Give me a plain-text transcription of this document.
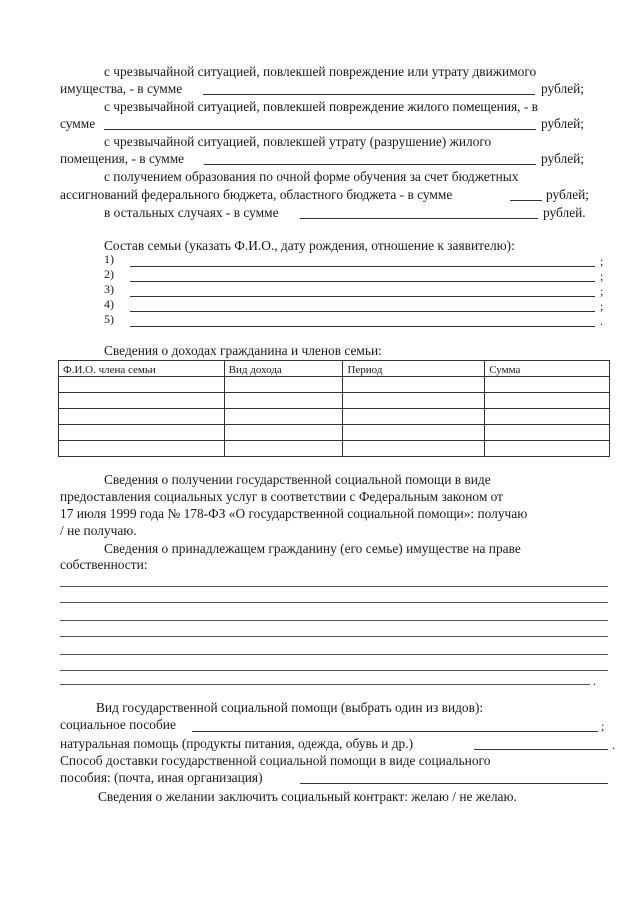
с чрезвычайной ситуацией, повлекшей повреждение или утрату движимого
имущества, - в сумме	рублей;
с чрезвычайной ситуацией, повлекшей повреждение жилого помещения, - в
сумме	рублей;
с чрезвычайной ситуацией, повлекшей утрату (разрушение) жилого
помещения, - в сумме	рублей;
с получением образования по очной форме обучения за счет бюджетных
ассигнований федерального бюджета, областного бюджета - в сумме	рублей;
в остальных случаях - в сумме	рублей.
Состав семьи (указать Ф.И.О., дату рождения, отношение к заявителю):
1)	;
2)	;
3)	;
4)	;
5)	.
Сведения о доходах гражданина и членов семьи:
Ф.И.О. члена семьи	Вид дохода	Период	Сумма

Сведения о получении государственной социальной помощи в виде
предоставления социальных услуг в соответствии с Федеральным законом от
17 июля 1999 года № 178-ФЗ «О государственной социальной помощи»: получаю
/ не получаю.
Сведения о принадлежащем гражданину (его семье) имуществе на праве
собственности:
.
Вид государственной социальной помощи (выбрать один из видов):
социальное пособие	;
натуральная помощь (продукты питания, одежда, обувь и др.)	.
Способ доставки государственной социальной помощи в виде социального
пособия: (почта, иная организация)
Сведения о желании заключить социальный контракт: желаю / не желаю.
